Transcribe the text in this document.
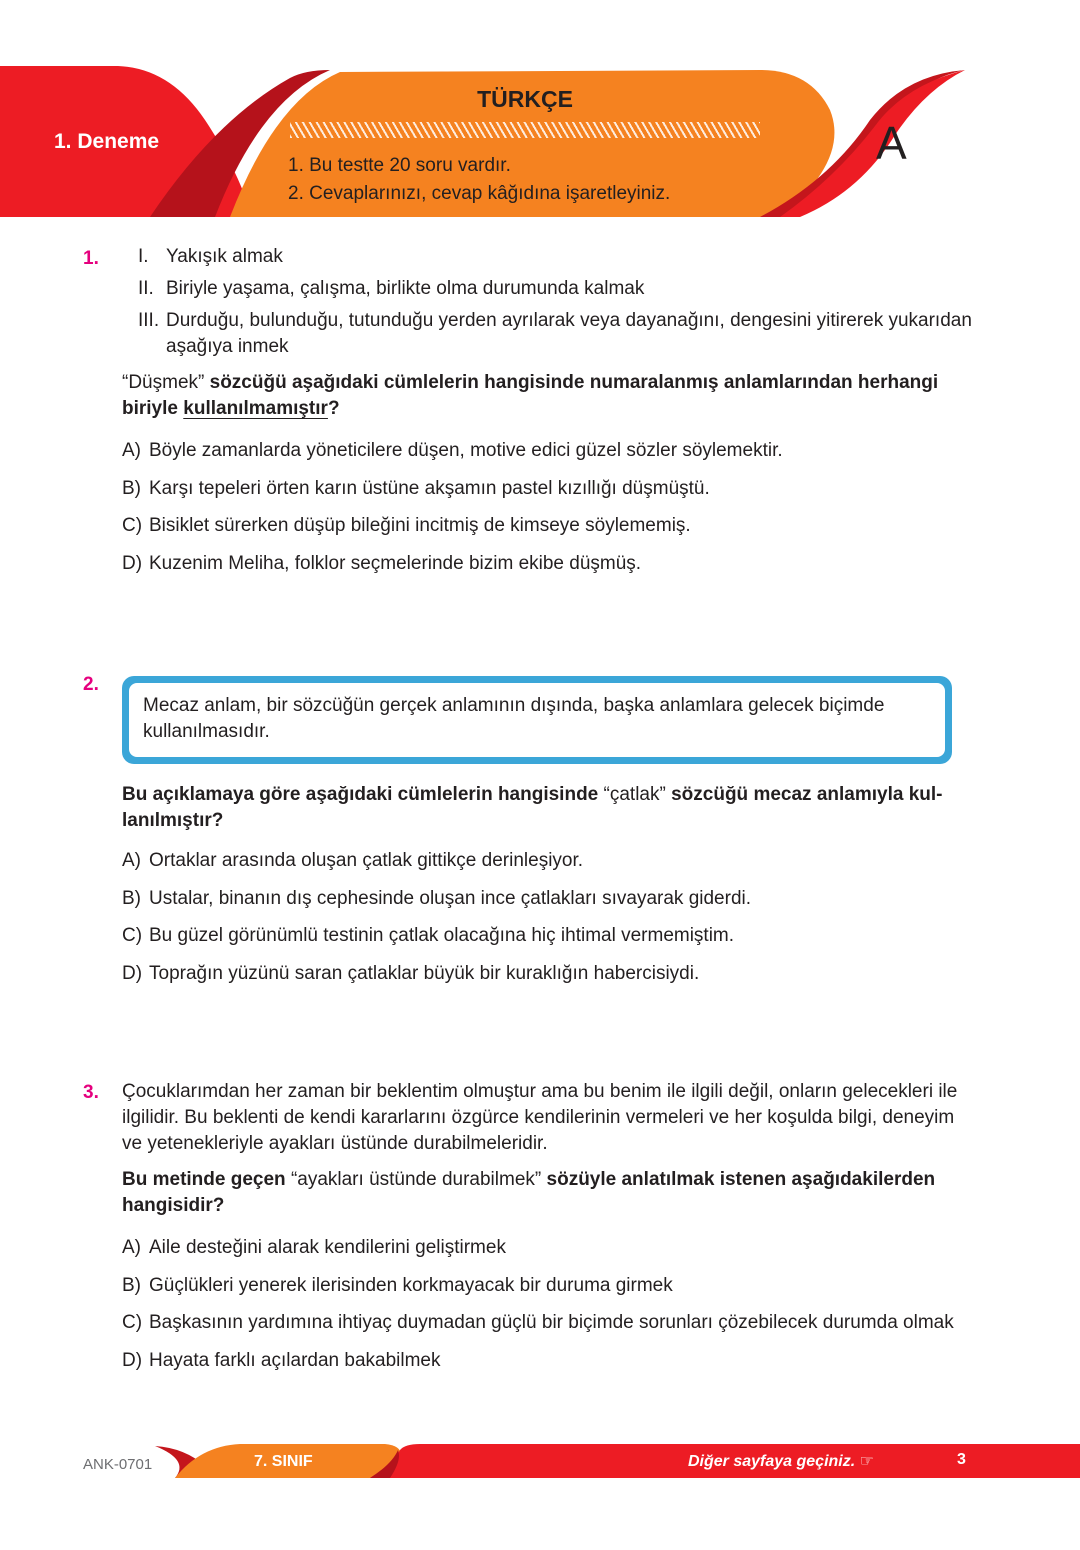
1. Deneme
TÜRKÇE
1. Bu testte 20 soru vardır.
2. Cevaplarınızı, cevap kâğıdına işaretleyiniz.
A
1. I. Yakışık almak
II. Biriyle yaşama, çalışma, birlikte olma durumunda kalmak
III. Durduğu, bulunduğu, tutunduğu yerden ayrılarak veya dayanağını, dengesini yitirerek yukarıdan aşağıya inmek
“Düşmek” sözcüğü aşağıdaki cümlelerin hangisinde numaralanmış anlamlarından herhangi biriyle kullanılmamıştır?
A) Böyle zamanlarda yöneticilere düşen, motive edici güzel sözler söylemektir.
B) Karşı tepeleri örten karın üstüne akşamın pastel kızıllığı düşmüştü.
C) Bisiklet sürerken düşüp bileğini incitmiş de kimseye söylememiş.
D) Kuzenim Meliha, folklor seçmelerinde bizim ekibe düşmüş.
2.
Mecaz anlam, bir sözcüğün gerçek anlamının dışında, başka anlamlara gelecek biçimde kullanılmasıdır.
Bu açıklamaya göre aşağıdaki cümlelerin hangisinde “çatlak” sözcüğü mecaz anlamıyla kul-lanılmıştır?
A) Ortaklar arasında oluşan çatlak gittikçe derinleşiyor.
B) Ustalar, binanın dış cephesinde oluşan ince çatlakları sıvayarak giderdi.
C) Bu güzel görünümlü testinin çatlak olacağına hiç ihtimal vermemiştim.
D) Toprağın yüzünü saran çatlaklar büyük bir kuraklığın habercisiydi.
3. Çocuklarımdan her zaman bir beklentim olmuştur ama bu benim ile ilgili değil, onların gelecekleri ile ilgilidir. Bu beklenti de kendi kararlarını özgürce kendilerinin vermeleri ve her koşulda bilgi, deneyim ve yetenekleriyle ayakları üstünde durabilmeleridir.
Bu metinde geçen “ayakları üstünde durabilmek” sözüyle anlatılmak istenen aşağıdakilerden hangisidir?
A) Aile desteğini alarak kendilerini geliştirmek
B) Güçlükleri yenerek ilerisinden korkmayacak bir duruma girmek
C) Başkasının yardımına ihtiyaç duymadan güçlü bir biçimde sorunları çözebilecek durumda olmak
D) Hayata farklı açılardan bakabilmek
ANK-0701	7. SINIF	Diğer sayfaya geçiniz. ☞	3
